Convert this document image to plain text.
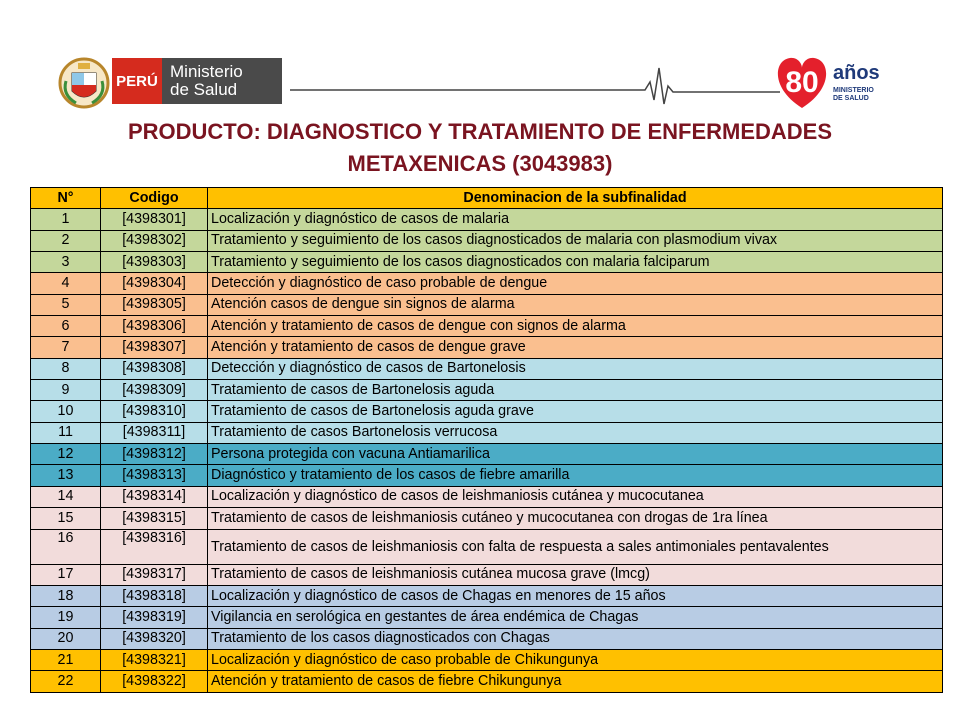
PERÚ Ministerio
de Salud	80 años
MINISTERIO
DE SALUD
PRODUCTO: DIAGNOSTICO Y TRATAMIENTO DE ENFERMEDADES
METAXENICAS (3043983)
N°	Codigo	Denominacion de la subfinalidad
1	[4398301]	Localización y diagnóstico de casos de malaria
2	[4398302]	Tratamiento y seguimiento de los casos diagnosticados de malaria con plasmodium vivax
3	[4398303]	Tratamiento y seguimiento de los casos diagnosticados con malaria falciparum
4	[4398304]	Detección y diagnóstico de caso probable de dengue
5	[4398305]	Atención casos de dengue sin signos de alarma
6	[4398306]	Atención y tratamiento de casos de dengue con signos de alarma
7	[4398307]	Atención y tratamiento de casos de dengue grave
8	[4398308]	Detección y diagnóstico de casos de Bartonelosis
9	[4398309]	Tratamiento de casos de Bartonelosis aguda
10	[4398310]	Tratamiento de casos de Bartonelosis aguda grave
11	[4398311]	Tratamiento de casos Bartonelosis verrucosa
12	[4398312]	Persona protegida con vacuna Antiamarilica
13	[4398313]	Diagnóstico y tratamiento de los casos de fiebre amarilla
14	[4398314]	Localización y diagnóstico de casos de leishmaniosis cutánea y mucocutanea
15	[4398315]	Tratamiento de casos de leishmaniosis cutáneo y mucocutanea con drogas de 1ra línea
16	[4398316]	Tratamiento de casos de leishmaniosis con falta de respuesta a sales antimoniales pentavalentes
17	[4398317]	Tratamiento de casos de leishmaniosis cutánea mucosa grave (lmcg)
18	[4398318]	Localización y diagnóstico de casos de Chagas en menores de 15 años
19	[4398319]	Vigilancia en serológica en gestantes de área endémica de Chagas
20	[4398320]	Tratamiento de los casos diagnosticados con Chagas
21	[4398321]	Localización y diagnóstico de caso probable de Chikungunya
22	[4398322]	Atención y tratamiento de casos de fiebre Chikungunya
